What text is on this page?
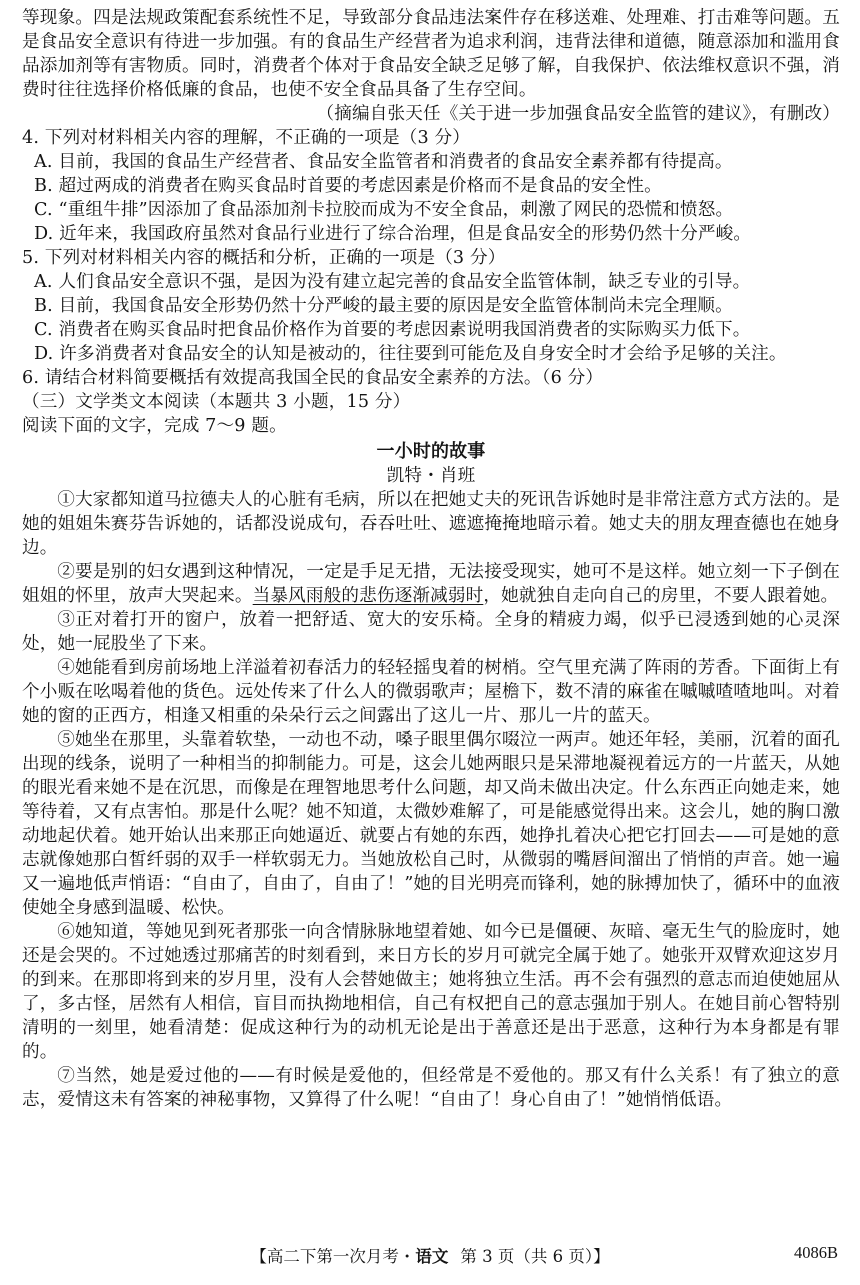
等现象。四是法规政策配套系统性不足，导致部分食品违法案件存在移送难、处理难、打击难等问题。五是食品安全意识有待进一步加强。有的食品生产经营者为追求利润，违背法律和道德，随意添加和滥用食品添加剂等有害物质。同时，消费者个体对于食品安全缺乏足够了解，自我保护、依法维权意识不强，消费时往往选择价格低廉的食品，也使不安全食品具备了生存空间。

（摘编自张天任《关于进一步加强食品安全监管的建议》，有删改）

4. 下列对材料相关内容的理解，不正确的一项是（3 分）

A. 目前，我国的食品生产经营者、食品安全监管者和消费者的食品安全素养都有待提高。

B. 超过两成的消费者在购买食品时首要的考虑因素是价格而不是食品的安全性。

C. “重组牛排”因添加了食品添加剂卡拉胶而成为不安全食品，刺激了网民的恐慌和愤怒。

D. 近年来，我国政府虽然对食品行业进行了综合治理，但是食品安全的形势仍然十分严峻。

5. 下列对材料相关内容的概括和分析，正确的一项是（3 分）

A. 人们食品安全意识不强，是因为没有建立起完善的食品安全监管体制，缺乏专业的引导。

B. 目前，我国食品安全形势仍然十分严峻的最主要的原因是安全监管体制尚未完全理顺。

C. 消费者在购买食品时把食品价格作为首要的考虑因素说明我国消费者的实际购买力低下。

D. 许多消费者对食品安全的认知是被动的，往往要到可能危及自身安全时才会给予足够的关注。

6. 请结合材料简要概括有效提高我国全民的食品安全素养的方法。（6 分）

（三）文学类文本阅读（本题共 3 小题，15 分）

阅读下面的文字，完成 7～9 题。

一小时的故事

凯特・肖班

①大家都知道马拉德夫人的心脏有毛病，所以在把她丈夫的死讯告诉她时是非常注意方式方法的。是她的姐姐朱赛芬告诉她的，话都没说成句，吞吞吐吐、遮遮掩掩地暗示着。她丈夫的朋友理查德也在她身边。

②要是别的妇女遇到这种情况，一定是手足无措，无法接受现实，她可不是这样。她立刻一下子倒在姐姐的怀里，放声大哭起来。当暴风雨般的悲伤逐渐减弱时，她就独自走向自己的房里，不要人跟着她。

③正对着打开的窗户，放着一把舒适、宽大的安乐椅。全身的精疲力竭，似乎已浸透到她的心灵深处，她一屁股坐了下来。

④她能看到房前场地上洋溢着初春活力的轻轻摇曳着的树梢。空气里充满了阵雨的芳香。下面街上有个小贩在吆喝着他的货色。远处传来了什么人的微弱歌声；屋檐下，数不清的麻雀在嘁嘁喳喳地叫。对着她的窗的正西方，相逢又相重的朵朵行云之间露出了这儿一片、那儿一片的蓝天。

⑤她坐在那里，头靠着软垫，一动也不动，嗓子眼里偶尔啜泣一两声。她还年轻，美丽，沉着的面孔出现的线条，说明了一种相当的抑制能力。可是，这会儿她两眼只是呆滞地凝视着远方的一片蓝天，从她的眼光看来她不是在沉思，而像是在理智地思考什么问题，却又尚未做出决定。什么东西正向她走来，她等待着，又有点害怕。那是什么呢？她不知道，太微妙难解了，可是能感觉得出来。这会儿，她的胸口激动地起伏着。她开始认出来那正向她逼近、就要占有她的东西，她挣扎着决心把它打回去——可是她的意志就像她那白皙纤弱的双手一样软弱无力。当她放松自己时，从微弱的嘴唇间溜出了悄悄的声音。她一遍又一遍地低声悄语：“自由了，自由了，自由了！”她的目光明亮而锋利，她的脉搏加快了，循环中的血液使她全身感到温暖、松快。

⑥她知道，等她见到死者那张一向含情脉脉地望着她、如今已是僵硬、灰暗、毫无生气的脸庞时，她还是会哭的。不过她透过那痛苦的时刻看到，来日方长的岁月可就完全属于她了。她张开双臂欢迎这岁月的到来。在那即将到来的岁月里，没有人会替她做主；她将独立生活。再不会有强烈的意志而迫使她屈从了，多古怪，居然有人相信，盲目而执拗地相信，自己有权把自己的意志强加于别人。在她目前心智特别清明的一刻里，她看清楚：促成这种行为的动机无论是出于善意还是出于恶意，这种行为本身都是有罪的。

⑦当然，她是爱过他的——有时候是爱他的，但经常是不爱他的。那又有什么关系！有了独立的意志，爱情这未有答案的神秘事物，又算得了什么呢！“自由了！身心自由了！”她悄悄低语。

【高二下第一次月考・语文 第 3 页（共 6 页）】	4086B
